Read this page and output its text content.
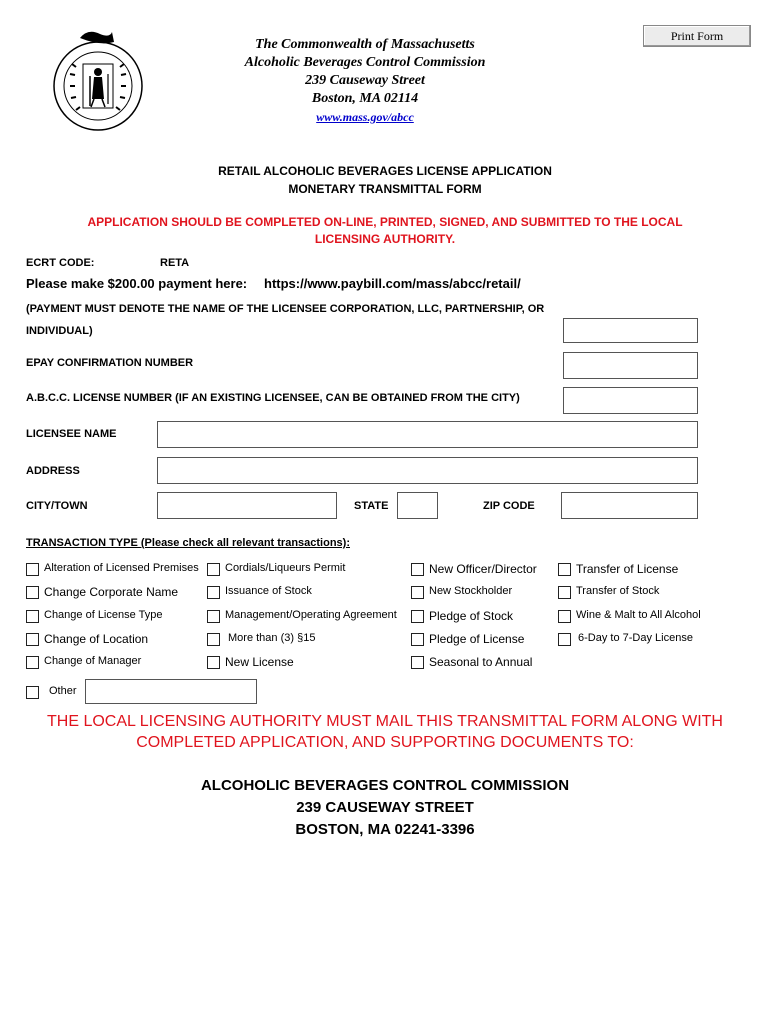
Print Form
The Commonwealth of Massachusetts
Alcoholic Beverages Control Commission
239 Causeway Street
Boston, MA 02114
www.mass.gov/abcc
RETAIL ALCOHOLIC BEVERAGES LICENSE APPLICATION
MONETARY TRANSMITTAL FORM
APPLICATION SHOULD BE COMPLETED ON-LINE, PRINTED, SIGNED, AND SUBMITTED TO THE LOCAL
LICENSING AUTHORITY.
ECRT CODE:	RETA
Please make $200.00 payment here: https://www.paybill.com/mass/abcc/retail/
(PAYMENT MUST DENOTE THE NAME OF THE LICENSEE CORPORATION, LLC, PARTNERSHIP, OR
INDIVIDUAL)
EPAY CONFIRMATION NUMBER
A.B.C.C. LICENSE NUMBER (IF AN EXISTING LICENSEE, CAN BE OBTAINED FROM THE CITY)
LICENSEE NAME
ADDRESS
CITY/TOWN	STATE	ZIP CODE
TRANSACTION TYPE (Please check all relevant transactions):
Alteration of Licensed Premises
Change Corporate Name
Change of License Type
Change of Location
Change of Manager
Cordials/Liqueurs Permit
Issuance of Stock
Management/Operating Agreement
More than (3) §15
New License
New Officer/Director
New Stockholder
Pledge of Stock
Pledge of License
Seasonal to Annual
Transfer of License
Transfer of Stock
Wine & Malt to All Alcohol
6-Day to 7-Day License
Other
THE LOCAL LICENSING AUTHORITY MUST MAIL THIS TRANSMITTAL FORM ALONG WITH
COMPLETED APPLICATION, AND SUPPORTING DOCUMENTS TO:
ALCOHOLIC BEVERAGES CONTROL COMMISSION
239 CAUSEWAY STREET
BOSTON, MA 02241-3396
